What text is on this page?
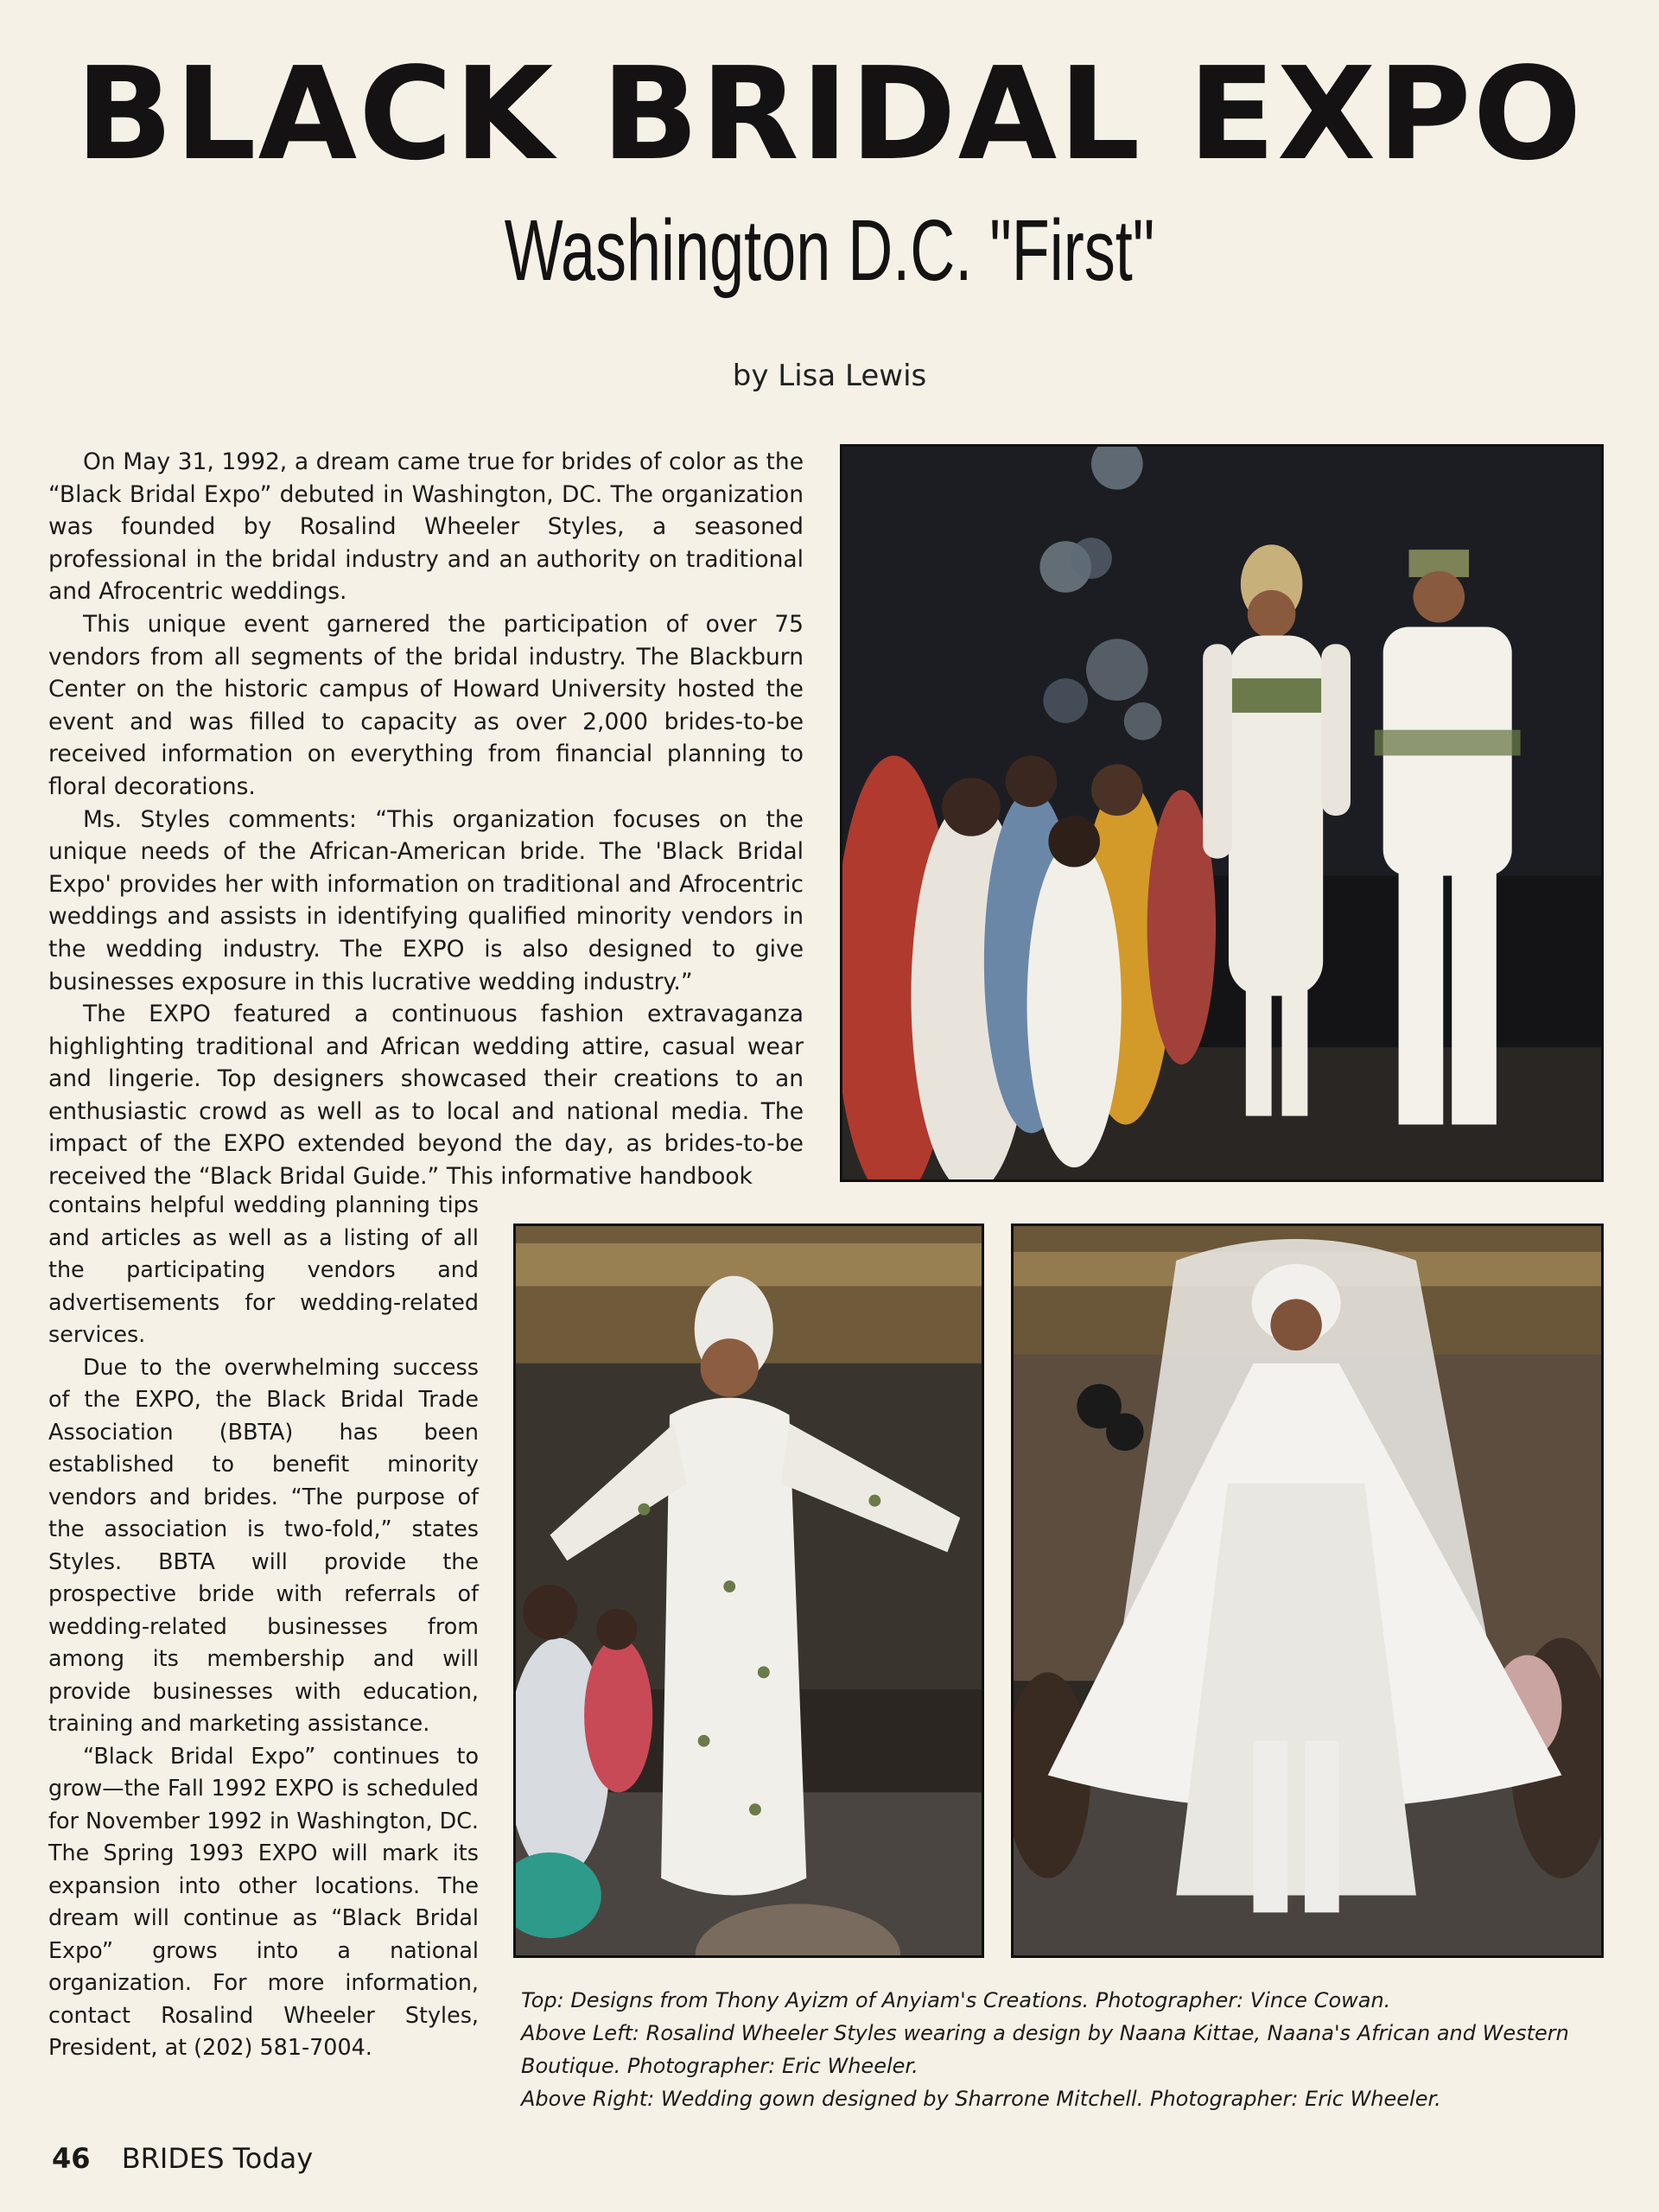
BLACK BRIDAL EXPO
Washington D.C. "First"
by Lisa Lewis

On May 31, 1992, a dream came true for brides of color as the “Black Bridal Expo” debuted in Washington, DC. The organization was founded by Rosalind Wheeler Styles, a seasoned professional in the bridal industry and an authority on traditional and Afrocentric weddings.

This unique event garnered the participation of over 75 vendors from all segments of the bridal industry. The Blackburn Center on the historic campus of Howard University hosted the event and was filled to capacity as over 2,000 brides-to-be received information on everything from financial planning to floral decorations.

Ms. Styles comments: “This organization focuses on the unique needs of the African-American bride. The 'Black Bridal Expo' provides her with information on traditional and Afrocentric weddings and assists in identifying qualified minority vendors in the wedding industry. The EXPO is also designed to give businesses exposure in this lucrative wedding industry.”

The EXPO featured a continuous fashion extravaganza highlighting traditional and African wedding attire, casual wear and lingerie. Top designers showcased their creations to an enthusiastic crowd as well as to local and national media. The impact of the EXPO extended beyond the day, as brides-to-be received the “Black Bridal Guide.” This informative handbook

contains helpful wedding planning tips and articles as well as a listing of all the participating vendors and advertisements for wedding-related services.

Due to the overwhelming success of the EXPO, the Black Bridal Trade Association (BBTA) has been established to benefit minority vendors and brides. “The purpose of the association is two-fold,” states Styles. BBTA will provide the prospective bride with referrals of wedding-related businesses from among its membership and will provide businesses with education, training and marketing assistance.

“Black Bridal Expo” continues to grow—the Fall 1992 EXPO is scheduled for November 1992 in Washington, DC. The Spring 1993 EXPO will mark its expansion into other locations. The dream will continue as “Black Bridal Expo” grows into a national organization. For more information, contact Rosalind Wheeler Styles, President, at (202) 581-7004.

Top: Designs from Thony Ayizm of Anyiam's Creations. Photographer: Vince Cowan.

Above Left: Rosalind Wheeler Styles wearing a design by Naana Kittae, Naana's African and Western Boutique. Photographer: Eric Wheeler.

Above Right: Wedding gown designed by Sharrone Mitchell. Photographer: Eric Wheeler.

46 BRIDES Today
